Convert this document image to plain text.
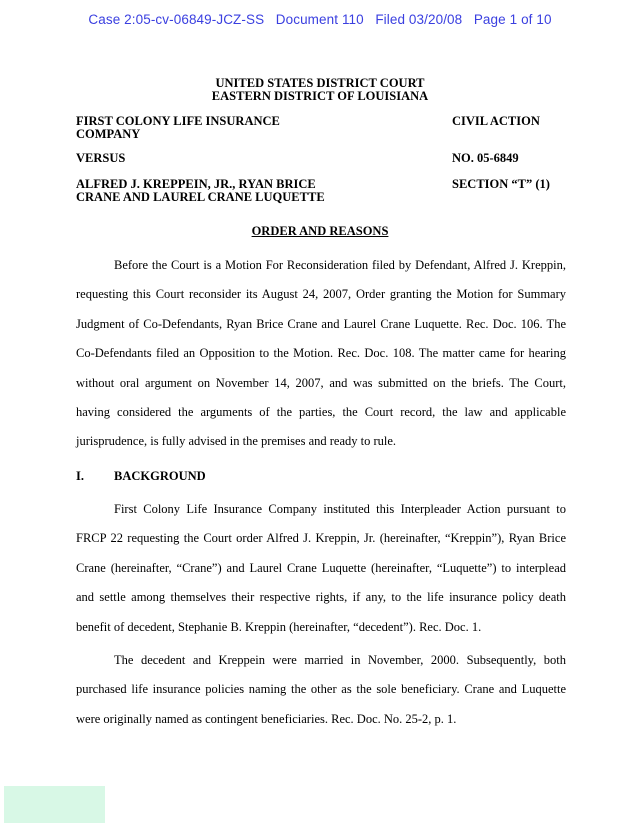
Case 2:05-cv-06849-JCZ-SS   Document 110   Filed 03/20/08   Page 1 of 10
UNITED STATES DISTRICT COURT
EASTERN DISTRICT OF LOUISIANA
FIRST COLONY LIFE INSURANCE
COMPANY
CIVIL ACTION
VERSUS	NO. 05-6849
ALFRED J. KREPPEIN, JR., RYAN BRICE
CRANE AND LAUREL CRANE LUQUETTE
SECTION “T” (1)
ORDER AND REASONS
Before the Court is a Motion For Reconsideration filed by Defendant, Alfred J. Kreppin, requesting this Court reconsider its August 24, 2007, Order granting the Motion for Summary Judgment of Co-Defendants, Ryan Brice Crane and Laurel Crane Luquette. Rec. Doc. 106. The Co-Defendants filed an Opposition to the Motion. Rec. Doc. 108. The matter came for hearing without oral argument on November 14, 2007, and was submitted on the briefs. The Court, having considered the arguments of the parties, the Court record, the law and applicable jurisprudence, is fully advised in the premises and ready to rule.
I. BACKGROUND
First Colony Life Insurance Company instituted this Interpleader Action pursuant to FRCP 22 requesting the Court order Alfred J. Kreppin, Jr. (hereinafter, “Kreppin”), Ryan Brice Crane (hereinafter, “Crane”) and Laurel Crane Luquette (hereinafter, “Luquette”) to interplead and settle among themselves their respective rights, if any, to the life insurance policy death benefit of decedent, Stephanie B. Kreppin (hereinafter, “decedent”). Rec. Doc. 1.
The decedent and Kreppein were married in November, 2000. Subsequently, both purchased life insurance policies naming the other as the sole beneficiary. Crane and Luquette were originally named as contingent beneficiaries. Rec. Doc. No. 25-2, p. 1.
